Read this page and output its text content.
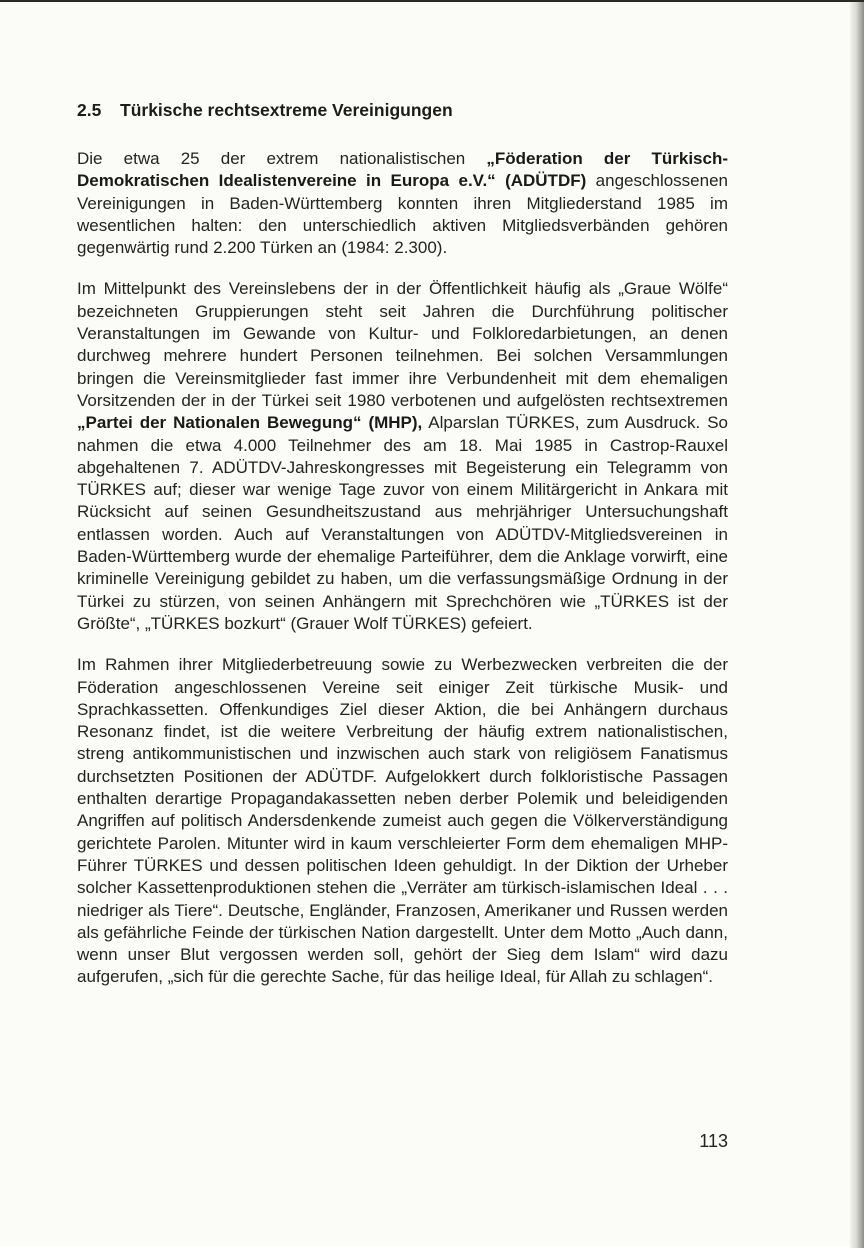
2.5 Türkische rechtsextreme Vereinigungen

Die etwa 25 der extrem nationalistischen „Föderation der Türkisch-Demokratischen Idealistenvereine in Europa e.V.“ (ADÜTDF) angeschlossenen Vereinigungen in Baden-Württemberg konnten ihren Mitgliederstand 1985 im wesentlichen halten: den unterschiedlich aktiven Mitgliedsverbänden gehören gegenwärtig rund 2.200 Türken an (1984: 2.300).

Im Mittelpunkt des Vereinslebens der in der Öffentlichkeit häufig als „Graue Wölfe“ bezeichneten Gruppierungen steht seit Jahren die Durchführung politischer Veranstaltungen im Gewande von Kultur- und Folkloredarbietungen, an denen durchweg mehrere hundert Personen teilnehmen. Bei solchen Versammlungen bringen die Vereinsmitglieder fast immer ihre Verbundenheit mit dem ehemaligen Vorsitzenden der in der Türkei seit 1980 verbotenen und aufgelösten rechtsextremen „Partei der Nationalen Bewegung“ (MHP), Alparslan TÜRKES, zum Ausdruck. So nahmen die etwa 4.000 Teilnehmer des am 18. Mai 1985 in Castrop-Rauxel abgehaltenen 7. ADÜTDV-Jahreskongresses mit Begeisterung ein Telegramm von TÜRKES auf; dieser war wenige Tage zuvor von einem Militärgericht in Ankara mit Rücksicht auf seinen Gesundheitszustand aus mehrjähriger Untersuchungshaft entlassen worden. Auch auf Veranstaltungen von ADÜTDV-Mitgliedsvereinen in Baden-Württemberg wurde der ehemalige Parteiführer, dem die Anklage vorwirft, eine kriminelle Vereinigung gebildet zu haben, um die verfassungsmäßige Ordnung in der Türkei zu stürzen, von seinen Anhängern mit Sprechchören wie „TÜRKES ist der Größte“, „TÜRKES bozkurt“ (Grauer Wolf TÜRKES) gefeiert.

Im Rahmen ihrer Mitgliederbetreuung sowie zu Werbezwecken verbreiten die der Föderation angeschlossenen Vereine seit einiger Zeit türkische Musik- und Sprachkassetten. Offenkundiges Ziel dieser Aktion, die bei Anhängern durchaus Resonanz findet, ist die weitere Verbreitung der häufig extrem nationalistischen, streng antikommunistischen und inzwischen auch stark von religiösem Fanatismus durchsetzten Positionen der ADÜTDF. Aufgelokkert durch folkloristische Passagen enthalten derartige Propagandakassetten neben derber Polemik und beleidigenden Angriffen auf politisch Andersdenkende zumeist auch gegen die Völkerverständigung gerichtete Parolen. Mitunter wird in kaum verschleierter Form dem ehemaligen MHP-Führer TÜRKES und dessen politischen Ideen gehuldigt. In der Diktion der Urheber solcher Kassettenproduktionen stehen die „Verräter am türkisch-islamischen Ideal . . . niedriger als Tiere“. Deutsche, Engländer, Franzosen, Amerikaner und Russen werden als gefährliche Feinde der türkischen Nation dargestellt. Unter dem Motto „Auch dann, wenn unser Blut vergossen werden soll, gehört der Sieg dem Islam“ wird dazu aufgerufen, „sich für die gerechte Sache, für das heilige Ideal, für Allah zu schlagen“.

113
